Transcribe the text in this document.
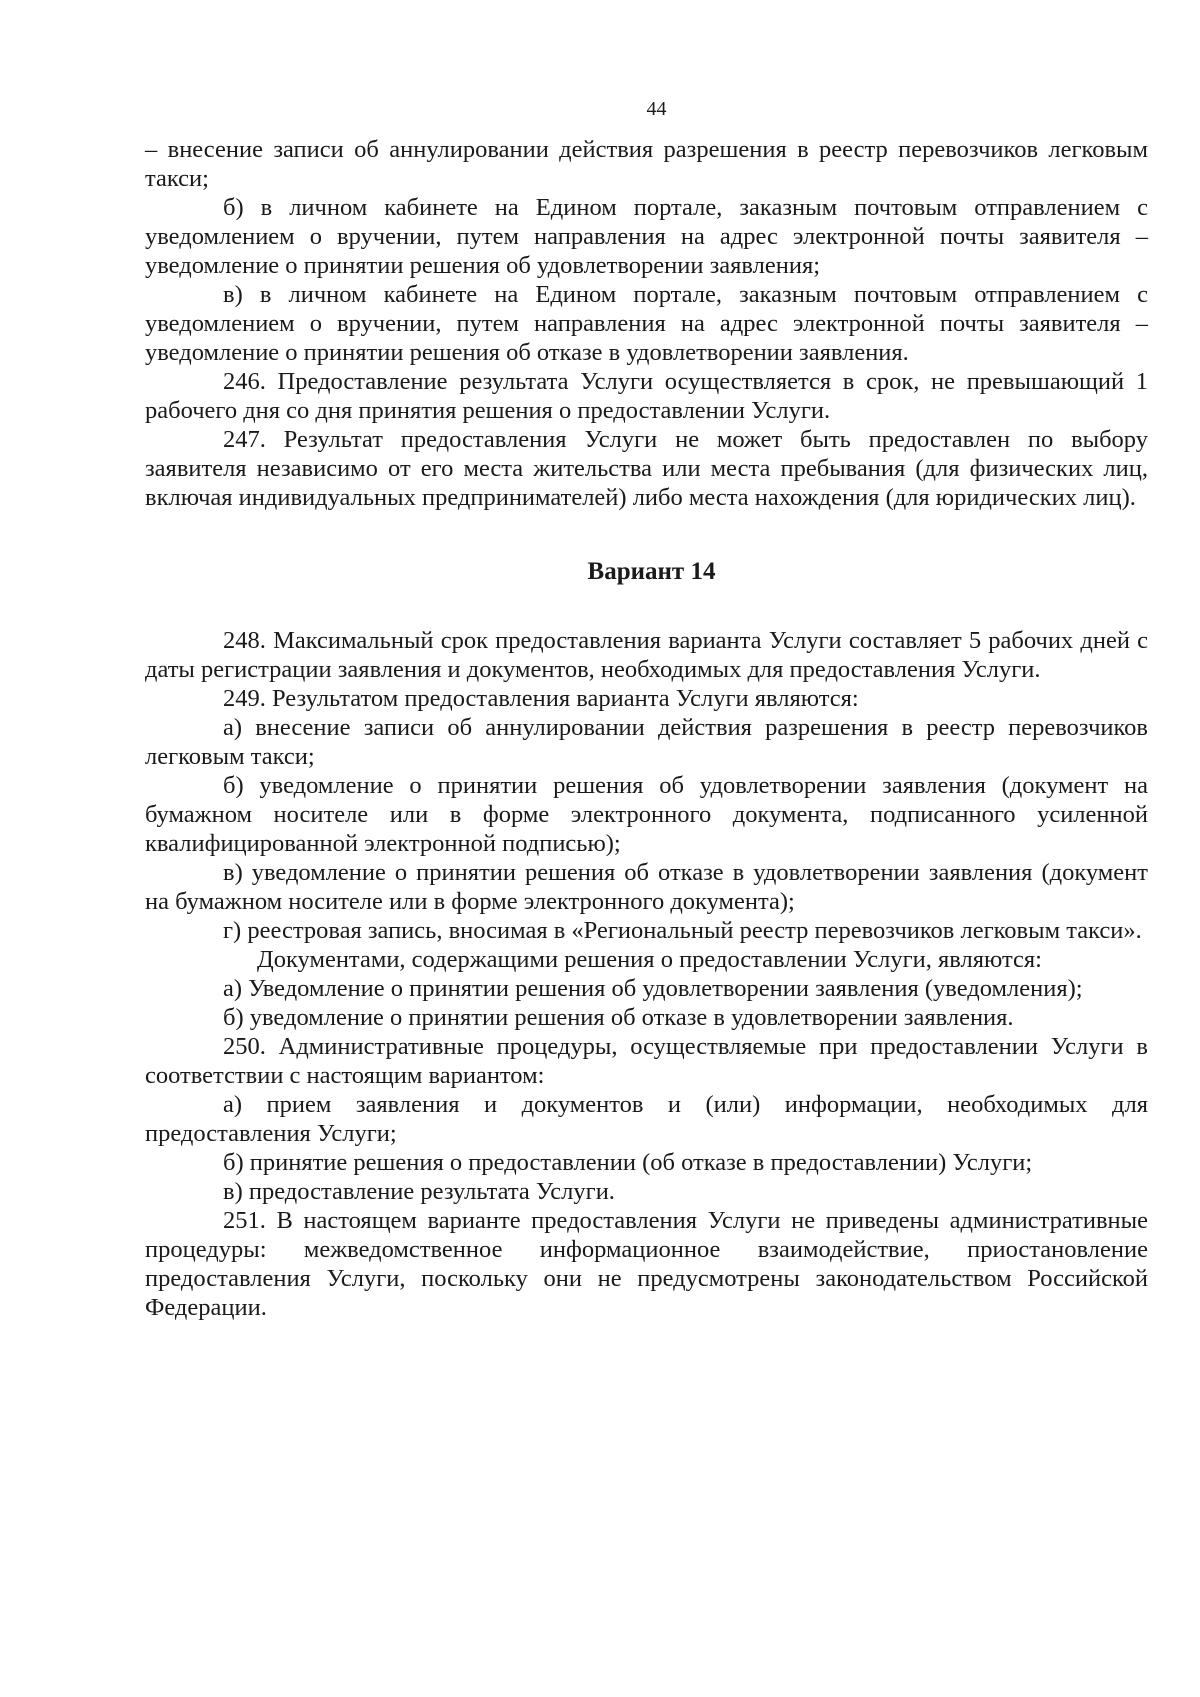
44

– внесение записи об аннулировании действия разрешения в реестр перевозчиков легковым такси;

б) в личном кабинете на Едином портале, заказным почтовым отправлением с уведомлением о вручении, путем направления на адрес электронной почты заявителя – уведомление о принятии решения об удовлетворении заявления;

в) в личном кабинете на Едином портале, заказным почтовым отправлением с уведомлением о вручении, путем направления на адрес электронной почты заявителя – уведомление о принятии решения об отказе в удовлетворении заявления.

246. Предоставление результата Услуги осуществляется в срок, не превышающий 1 рабочего дня со дня принятия решения о предоставлении Услуги.

247. Результат предоставления Услуги не может быть предоставлен по выбору заявителя независимо от его места жительства или места пребывания (для физических лиц, включая индивидуальных предпринимателей) либо места нахождения (для юридических лиц).

Вариант 14

248. Максимальный срок предоставления варианта Услуги составляет 5 рабочих дней с даты регистрации заявления и документов, необходимых для предоставления Услуги.

249. Результатом предоставления варианта Услуги являются:

а) внесение записи об аннулировании действия разрешения в реестр перевозчиков легковым такси;

б) уведомление о принятии решения об удовлетворении заявления (документ на бумажном носителе или в форме электронного документа, подписанного усиленной квалифицированной электронной подписью);

в) уведомление о принятии решения об отказе в удовлетворении заявления (документ на бумажном носителе или в форме электронного документа);

г) реестровая запись, вносимая в «Региональный реестр перевозчиков легковым такси».

Документами, содержащими решения о предоставлении Услуги, являются:

а) Уведомление о принятии решения об удовлетворении заявления (уведомления);

б) уведомление о принятии решения об отказе в удовлетворении заявления.

250. Административные процедуры, осуществляемые при предоставлении Услуги в соответствии с настоящим вариантом:

а) прием заявления и документов и (или) информации, необходимых для предоставления Услуги;

б) принятие решения о предоставлении (об отказе в предоставлении) Услуги;

в) предоставление результата Услуги.

251. В настоящем варианте предоставления Услуги не приведены административные процедуры: межведомственное информационное взаимодействие, приостановление предоставления Услуги, поскольку они не предусмотрены законодательством Российской Федерации.
